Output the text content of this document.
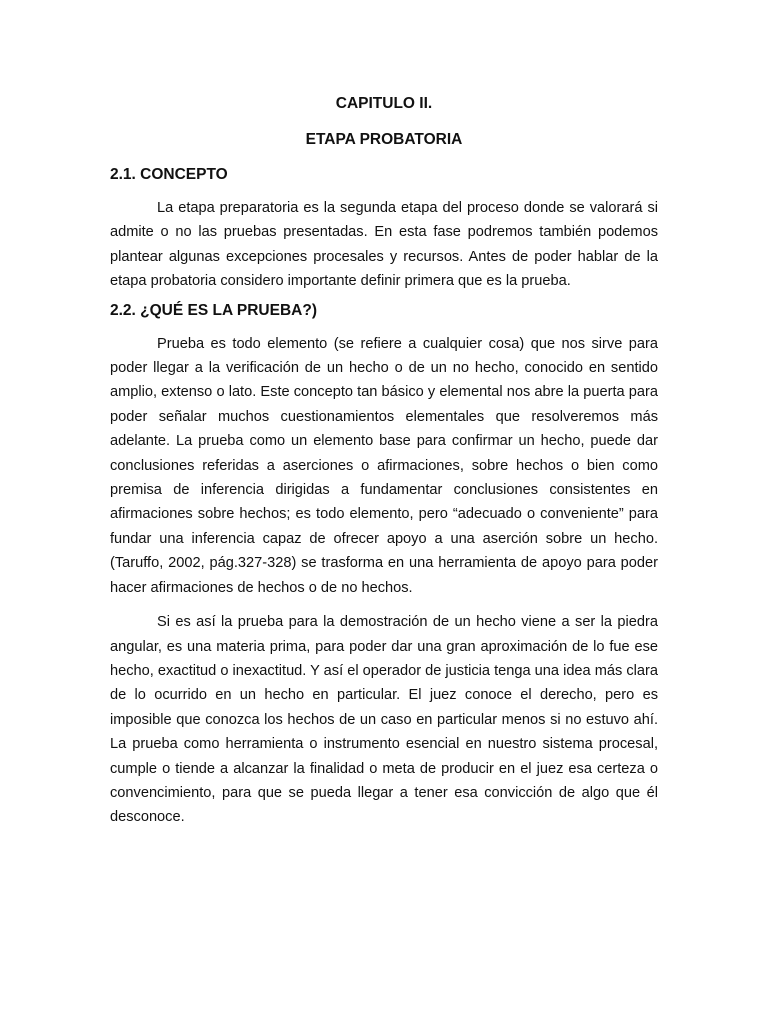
CAPITULO II.
ETAPA PROBATORIA
2.1. CONCEPTO

La etapa preparatoria es la segunda etapa del proceso donde se valorará si admite o no las pruebas presentadas. En esta fase podremos también podemos plantear algunas excepciones procesales y recursos. Antes de poder hablar de la etapa probatoria considero importante definir primera que es la prueba.

2.2. ¿QUÉ ES LA PRUEBA?)

Prueba es todo elemento (se refiere a cualquier cosa) que nos sirve para poder llegar a la verificación de un hecho o de un no hecho, conocido en sentido amplio, extenso o lato. Este concepto tan básico y elemental nos abre la puerta para poder señalar muchos cuestionamientos elementales que resolveremos más adelante. La prueba como un elemento base para confirmar un hecho, puede dar conclusiones referidas a aserciones o afirmaciones, sobre hechos o bien como premisa de inferencia dirigidas a fundamentar conclusiones consistentes en afirmaciones sobre hechos; es todo elemento, pero “adecuado o conveniente” para fundar una inferencia capaz de ofrecer apoyo a una aserción sobre un hecho. (Taruffo, 2002, pág.327-328) se trasforma en una herramienta de apoyo para poder hacer afirmaciones de hechos o de no hechos.

Si es así la prueba para la demostración de un hecho viene a ser la piedra angular, es una materia prima, para poder dar una gran aproximación de lo fue ese hecho, exactitud o inexactitud. Y así el operador de justicia tenga una idea más clara de lo ocurrido en un hecho en particular. El juez conoce el derecho, pero es imposible que conozca los hechos de un caso en particular menos si no estuvo ahí. La prueba como herramienta o instrumento esencial en nuestro sistema procesal, cumple o tiende a alcanzar la finalidad o meta de producir en el juez esa certeza o convencimiento, para que se pueda llegar a tener esa convicción de algo que él desconoce.
